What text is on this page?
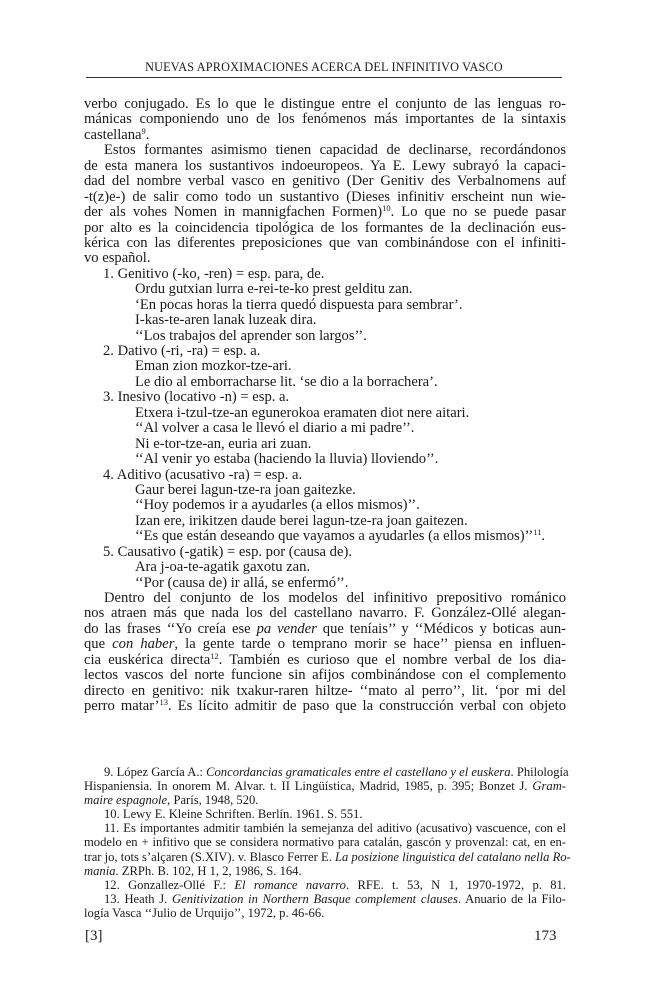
NUEVAS APROXIMACIONES ACERCA DEL INFINITIVO VASCO
verbo conjugado. Es lo que le distingue entre el conjunto de las lenguas ro-
mánicas componiendo uno de los fenómenos más importantes de la sintaxis
castellana$^9$.
Estos formantes asimismo tienen capacidad de declinarse, recordándonos
de esta manera los sustantivos indoeuropeos. Ya E. Lewy subrayó la capaci-
dad del nombre verbal vasco en genitivo (Der Genitiv des Verbalnomens auf
-t(z)e-) de salir como todo un sustantivo (Dieses infinitiv erscheint nun wie-
der als vohes Nomen in mannigfachen Formen)$^{10}$. Lo que no se puede pasar
por alto es la coincidencia tipológica de los formantes de la declinación eus-
kérica con las diferentes preposiciones que van combinándose con el infiniti-
vo español.
1. Genitivo (-ko, -ren) = esp. para, de.
Ordu gutxian lurra e-rei-te-ko prest gelditu zan.
‘En pocas horas la tierra quedó dispuesta para sembrar’.
I-kas-te-aren lanak luzeak dira.
‘‘Los trabajos del aprender son largos’’.
2. Dativo (-ri, -ra) = esp. a.
Eman zion mozkor-tze-ari.
Le dio al emborracharse lit. ‘se dio a la borrachera’.
3. Inesivo (locativo -n) = esp. a.
Etxera i-tzul-tze-an egunerokoa eramaten diot nere aitari.
‘‘Al volver a casa le llevó el diario a mi padre’’.
Ni e-tor-tze-an, euria ari zuan.
‘‘Al venir yo estaba (haciendo la lluvia) lloviendo’’.
4. Aditivo (acusativo -ra) = esp. a.
Gaur berei lagun-tze-ra joan gaitezke.
‘‘Hoy podemos ir a ayudarles (a ellos mismos)’’.
Izan ere, irikitzen daude berei lagun-tze-ra joan gaitezen.
‘‘Es que están deseando que vayamos a ayudarles (a ellos mismos)’’$^{11}$.
5. Causativo (-gatik) = esp. por (causa de).
Ara j-oa-te-agatik gaxotu zan.
‘‘Por (causa de) ir allá, se enfermó’’.
Dentro del conjunto de los modelos del infinitivo prepositivo románico
nos atraen más que nada los del castellano navarro. F. González-Ollé alegan-
do las frases ‘‘Yo creía ese pa vender que teníais’’ y ‘‘Médicos y boticas aun-
que con haber, la gente tarde o temprano morir se hace’’ piensa en influen-
cia euskérica directa$^{12}$. También es curioso que el nombre verbal de los dia-
lectos vascos del norte funcione sin afijos combinándose con el complemento
directo en genitivo: nik txakur-raren hiltze- ‘‘mato al perro’’, lit. ‘por mi del
perro matar’$^{13}$. Es lícito admitir de paso que la construcción verbal con objeto
9. López García A.: Concordancias gramaticales entre el castellano y el euskera. Philología
Hispaniensia. In onorem M. Alvar. t. II Lingüística, Madrid, 1985, p. 395; Bonzet J. Gram-
maire espagnole, París, 1948, 520.
10. Lewy E. Kleine Schriften. Berlín. 1961. S. 551.
11. Es importantes admitir también la semejanza del aditivo (acusativo) vascuence, con el
modelo en + infitivo que se considera normativo para catalán, gascón y provenzal: cat, en en-
trar jo, tots s’alçaren (S.XIV). v. Blasco Ferrer E. La posizione linguistica del catalano nella Ro-
mania. ZRPh. B. 102, H 1, 2, 1986, S. 164.
12. Gonzallez-Ollé F.: El romance navarro. RFE. t. 53, N 1, 1970-1972, p. 81.
13. Heath J. Genitivization in Northern Basque complement clauses. Anuario de la Filo-
logía Vasca ‘‘Julio de Urquijo’’, 1972, p. 46-66.
[3]	173
